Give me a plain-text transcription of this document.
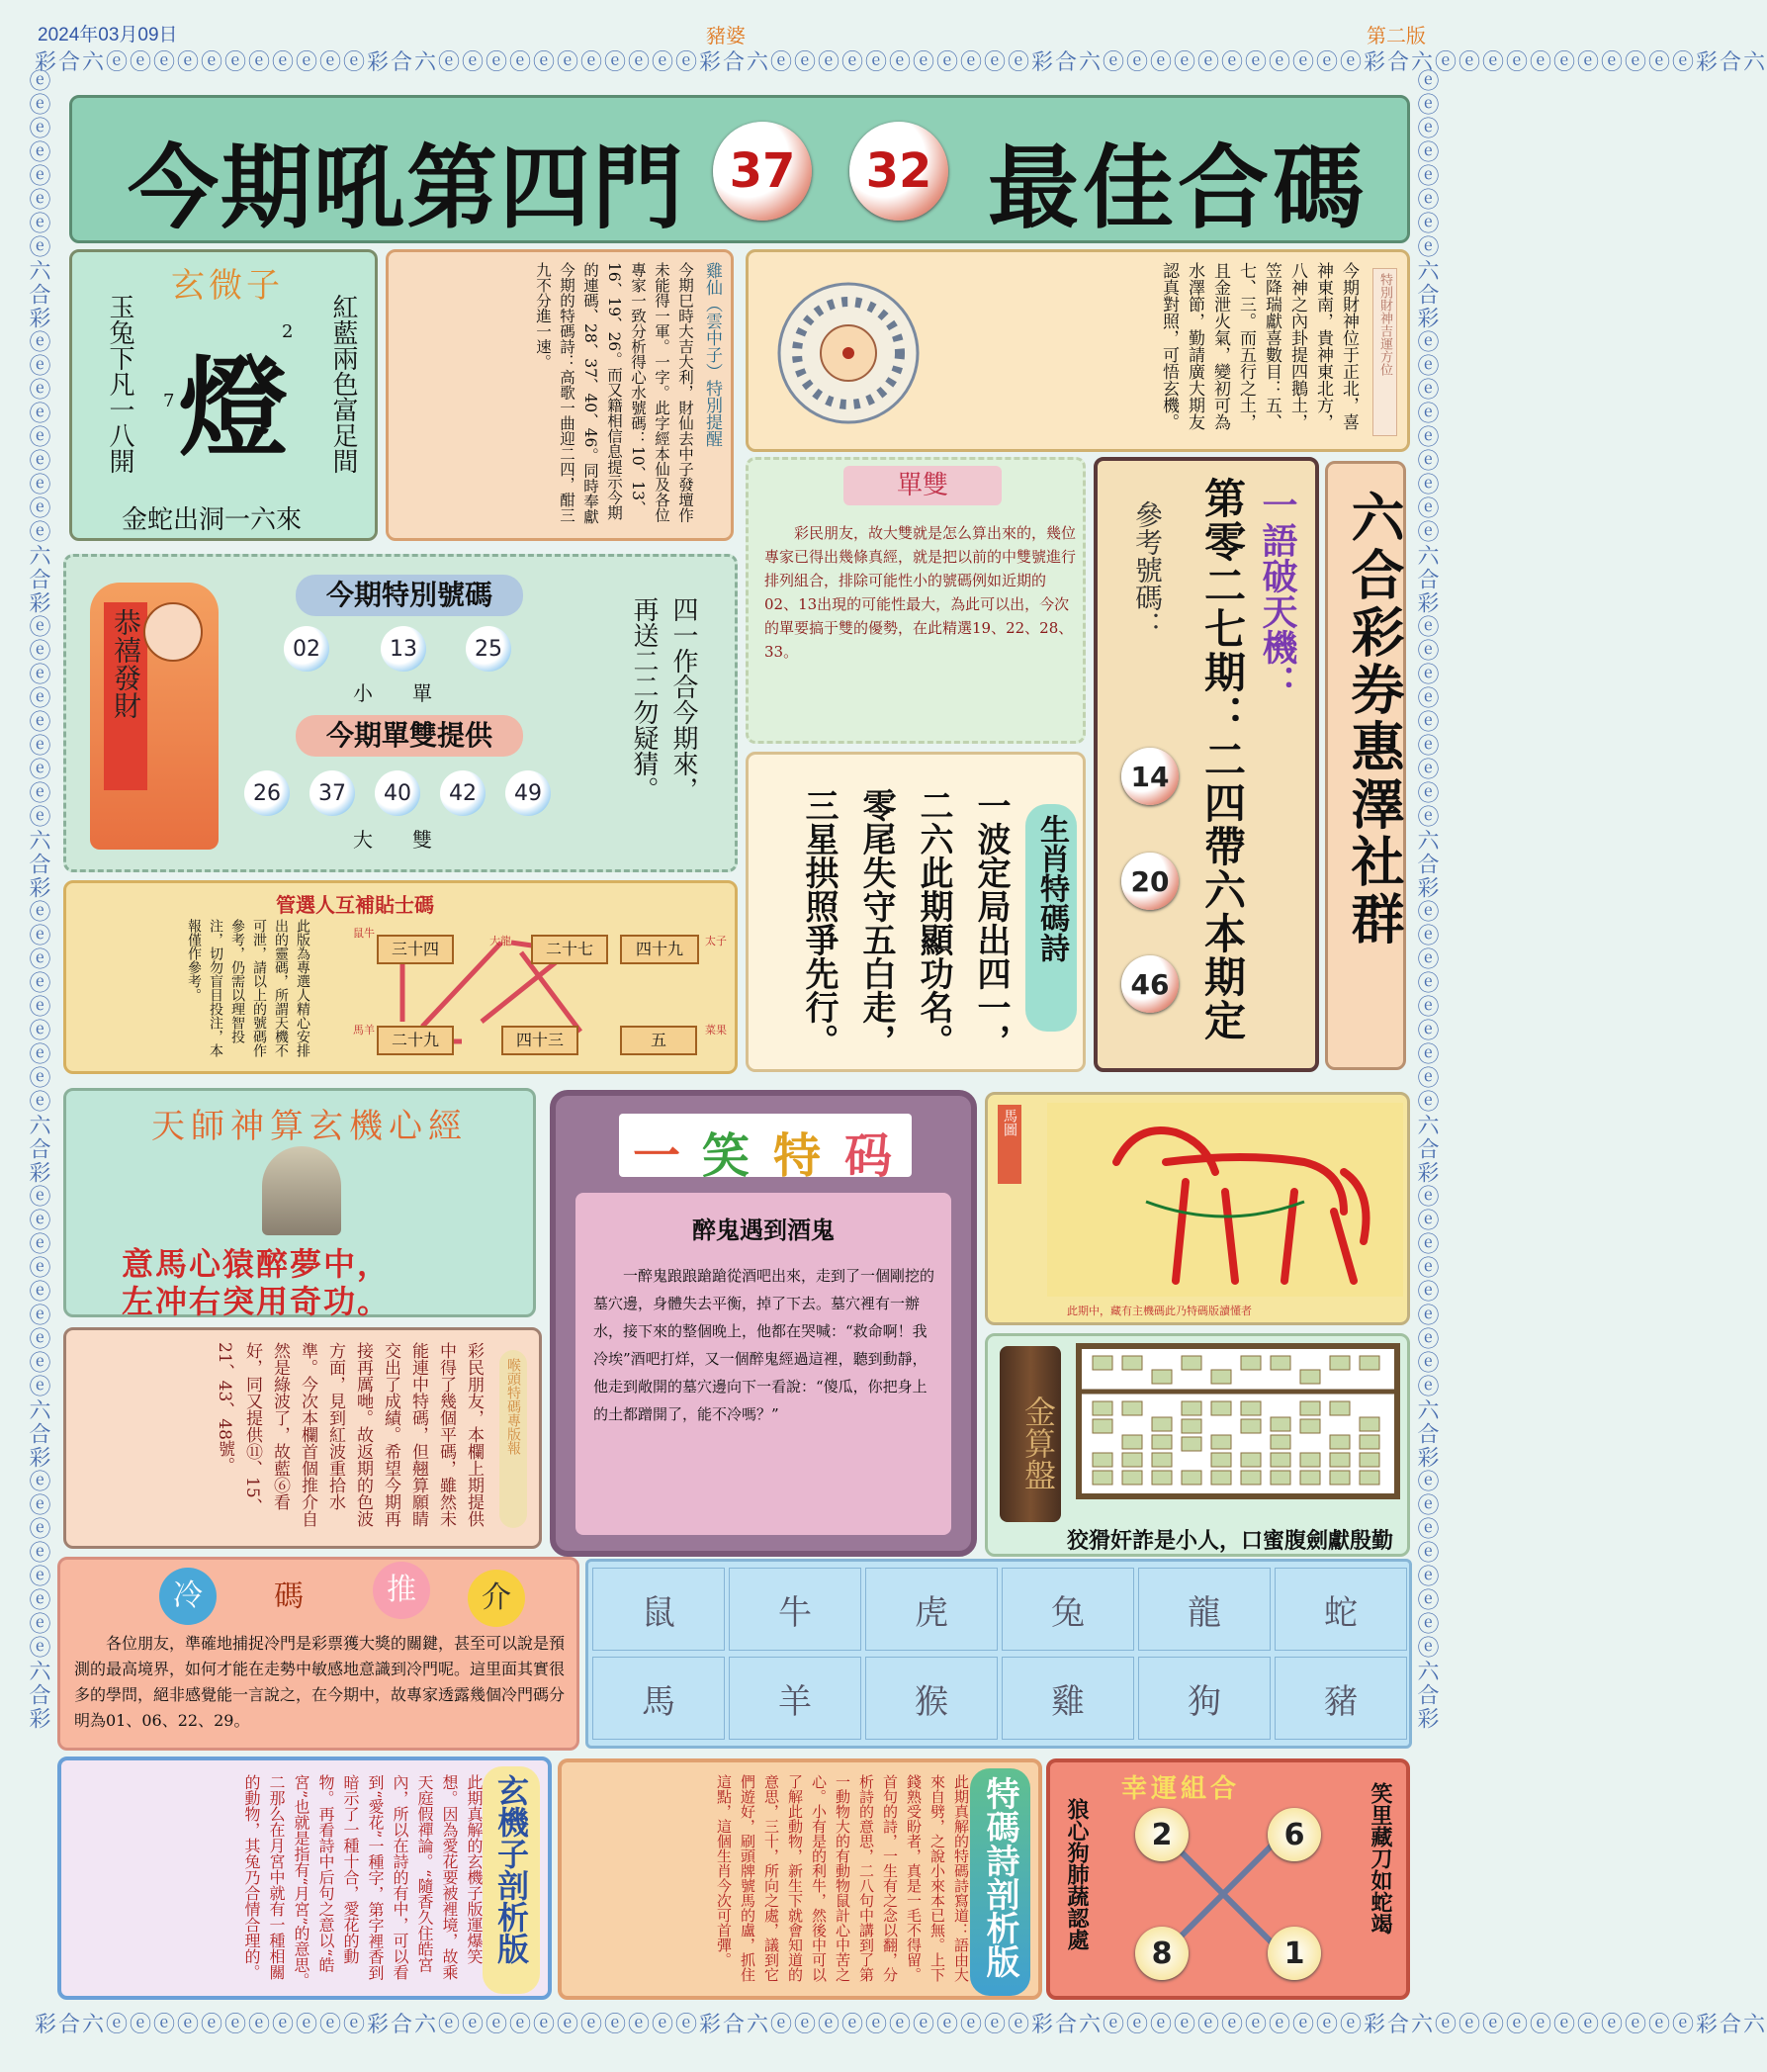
2024年03月09日	豬婆	第二版
彩合六ⓔⓔⓔⓔⓔⓔⓔⓔⓔⓔⓔ彩合六ⓔⓔⓔⓔⓔⓔⓔⓔⓔⓔⓔ彩合六ⓔⓔⓔⓔⓔⓔⓔⓔⓔⓔⓔ彩合六ⓔⓔⓔⓔⓔⓔⓔⓔⓔⓔⓔ彩合六ⓔⓔⓔⓔⓔⓔⓔⓔⓔⓔⓔ彩合六
彩合六ⓔⓔⓔⓔⓔⓔⓔⓔⓔⓔⓔ彩合六ⓔⓔⓔⓔⓔⓔⓔⓔⓔⓔⓔ彩合六ⓔⓔⓔⓔⓔⓔⓔⓔⓔⓔⓔ彩合六ⓔⓔⓔⓔⓔⓔⓔⓔⓔⓔⓔ彩合六ⓔⓔⓔⓔⓔⓔⓔⓔⓔⓔⓔ彩合六
ⓔⓔⓔⓔⓔⓔⓔⓔ六合彩ⓔⓔⓔⓔⓔⓔⓔⓔⓔ六合彩ⓔⓔⓔⓔⓔⓔⓔⓔⓔ六合彩ⓔⓔⓔⓔⓔⓔⓔⓔⓔ六合彩ⓔⓔⓔⓔⓔⓔⓔⓔⓔ六合彩ⓔⓔⓔⓔⓔⓔⓔⓔ六合彩	ⓔⓔⓔⓔⓔⓔⓔⓔ六合彩ⓔⓔⓔⓔⓔⓔⓔⓔⓔ六合彩ⓔⓔⓔⓔⓔⓔⓔⓔⓔ六合彩ⓔⓔⓔⓔⓔⓔⓔⓔⓔ六合彩ⓔⓔⓔⓔⓔⓔⓔⓔⓔ六合彩ⓔⓔⓔⓔⓔⓔⓔⓔ六合彩
今期吼第四門 37	32 最佳合碼
玄微子
燈
2
7	紅藍兩色富足間
玉兔下凡一八開
金蛇出洞一六來
雞仙（雲中子）特別提醒
今期巳時大吉大利，財仙去中子發壇作未能得一軍。一字。此字經本仙及各位專家一致分析得心水號碼：10、13、16、19、26。而又籍相信息提示今期的連碼、28、37、40、46。同時奉獻今期的特碼詩：高歌一曲迎二四，酣三九不分進一速。	特別財神吉運方位
今期財神位于正北，喜神東南，貴神東北方，八神之內卦提四鵝土，笠降瑞獻喜數目：五、七、三。而五行之土，且金泄火氣，變初可為水澤節，勤請廣大期友認真對照，可悟玄機。
單雙
彩民朋友，故大雙就是怎么算出來的，幾位專家已得出幾條真經，就是把以前的中雙號進行排列組合，排除可能性小的號碼例如近期的02、13出現的可能性最大，為此可以出，今次的單要搞于雙的優勢，在此精選19、22、28、33。
生肖特碼詩
一波定局出四一，
二六此期顯功名。
零尾失守五白走，
三星拱照爭先行。
一語破天機：
第零二七期：二四帶六本期定
參考號碼：
14
20
46
六合彩券惠澤社群
恭禧發財
今期特別號碼
02	13	25
小　　單
今期單雙提供
26	37	40	42	49
大　　雙
四一作合今期來，
再送二二勿疑猜。
管選人互補貼士碼
此版為專選人精心安排出的靈碼，所謂天機不可泄，請以上的號碼作參考，仍需以理智投注，切勿盲目投注，本報僅作參考。	三十四	二十七	四十九
二十九	四十三	五
鼠牛
大龍	太子
馬羊	菜果
天師神算玄機心經
意馬心猿醉夢中，
左冲右突用奇功。
一 笑 特 码
醉鬼遇到酒鬼
一醉鬼踉踉蹌蹌從酒吧出來，走到了一個剛挖的墓穴邊，身體失去平衡，掉了下去。墓穴裡有一辦水，接下來的整個晚上，他都在哭喊：“救命啊！我冷埃”酒吧打烊，又一個醉鬼經過這裡，聽到動靜，他走到敞開的墓穴邊向下一看說：“傻瓜，你把身上的土都蹭開了，能不冷嗎？”
馬圖
此期中，藏有主機碼此乃特碼版讀懂者
金算盤
狡猾奸詐是小人，口蜜腹劍獻殷勤
喉頭特碼專版報
彩民朋友，本欄上期提供中得了幾個平碼，雖然未能連中特碼，但翹算願睛交出了成績。希望今期再接再厲哋。故返期的色波方面，見到紅波重拾水準。今次本欄首個推介自然是綠波了，故藍⑥看好，同又提供⑪、15、21、43、48號。
冷	碼	推	介
各位朋友，準確地捕捉冷門是彩票獲大獎的關鍵，甚至可以說是預測的最高境界，如何才能在走勢中敏感地意識到冷門呢。這里面其實很多的學問，絕非感覺能一言說之，在今期中，故專家透露幾個冷門碼分明為01、06、22、29。
鼠	牛	虎	兔	龍	蛇
馬	羊	猴	雞	狗	豬
玄機子剖析版
此期真解的玄機子版運爆笑想。因為愛花要被裡境，故乘天庭假禪論。“隨香久住皓宮內，所以在詩的有中，可以看到“愛花”一種字，第字裡香到暗示了一種十合，愛花的動物。再看詩中后句之意以“皓宮”也就是指有“月宮”的意思。二那么在月宮中就有一種相關的動物，其兔乃合情合理的。	特碼詩剖析版
此期真解的特碼詩寫道：語由大來自劈，之說小來本已無。上下錢熟受盼者，真是一毛不得留。首句的詩，一生有之念以翻，分析詩的意思，二八句中講到了第一動物大的有動物鼠計心中苦之心。小有是的利牛，然後中可以了解此動物，新生下就會知道的意思，三十，所向之處，議到它們遊好，刷頭牌號馬的盧，抓住這點，這個生肖今次可首彈。	幸運組合
2	6
8	1
笑里藏刀如蛇竭
狼心狗肺蔬認處
